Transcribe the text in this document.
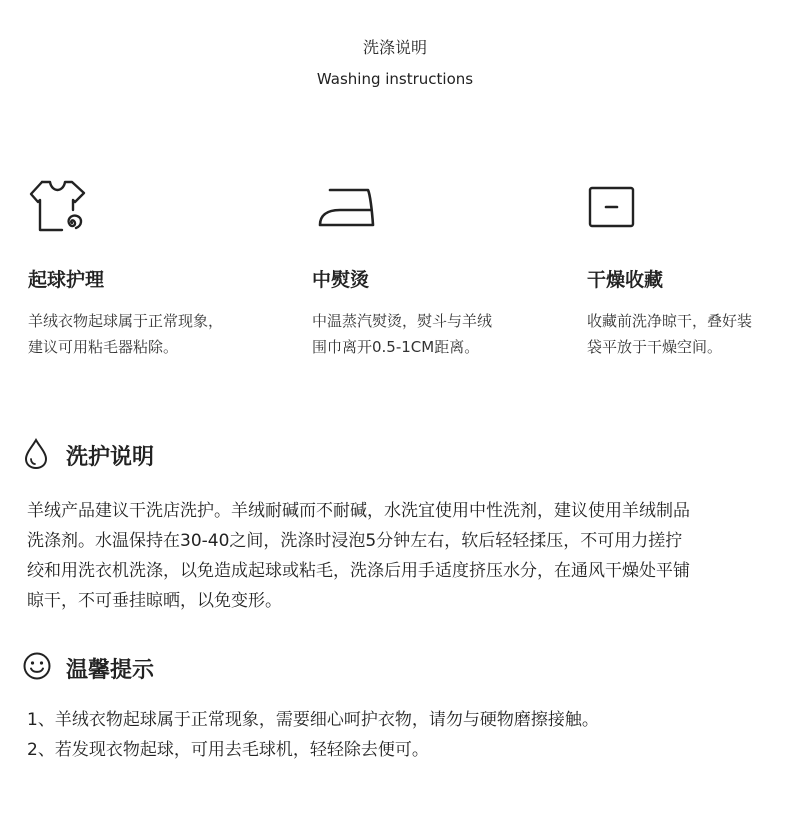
洗涤说明
Washing instructions
起球护理
羊绒衣物起球属于正常现象，
建议可用粘毛器粘除。
中熨烫
中温蒸汽熨烫，熨斗与羊绒
围巾离开0.5-1CM距离。
干燥收藏
收藏前洗净晾干，叠好装
袋平放于干燥空间。
洗护说明
羊绒产品建议干洗店洗护。羊绒耐碱而不耐碱，水洗宜使用中性洗剂，建议使用羊绒制品
洗涤剂。水温保持在30-40之间，洗涤时浸泡5分钟左右，软后轻轻揉压，不可用力搓拧
绞和用洗衣机洗涤，以免造成起球或粘毛，洗涤后用手适度挤压水分，在通风干燥处平铺
晾干，不可垂挂晾晒，以免变形。
温馨提示
1、羊绒衣物起球属于正常现象，需要细心呵护衣物，请勿与硬物磨擦接触。
2、若发现衣物起球，可用去毛球机，轻轻除去便可。
